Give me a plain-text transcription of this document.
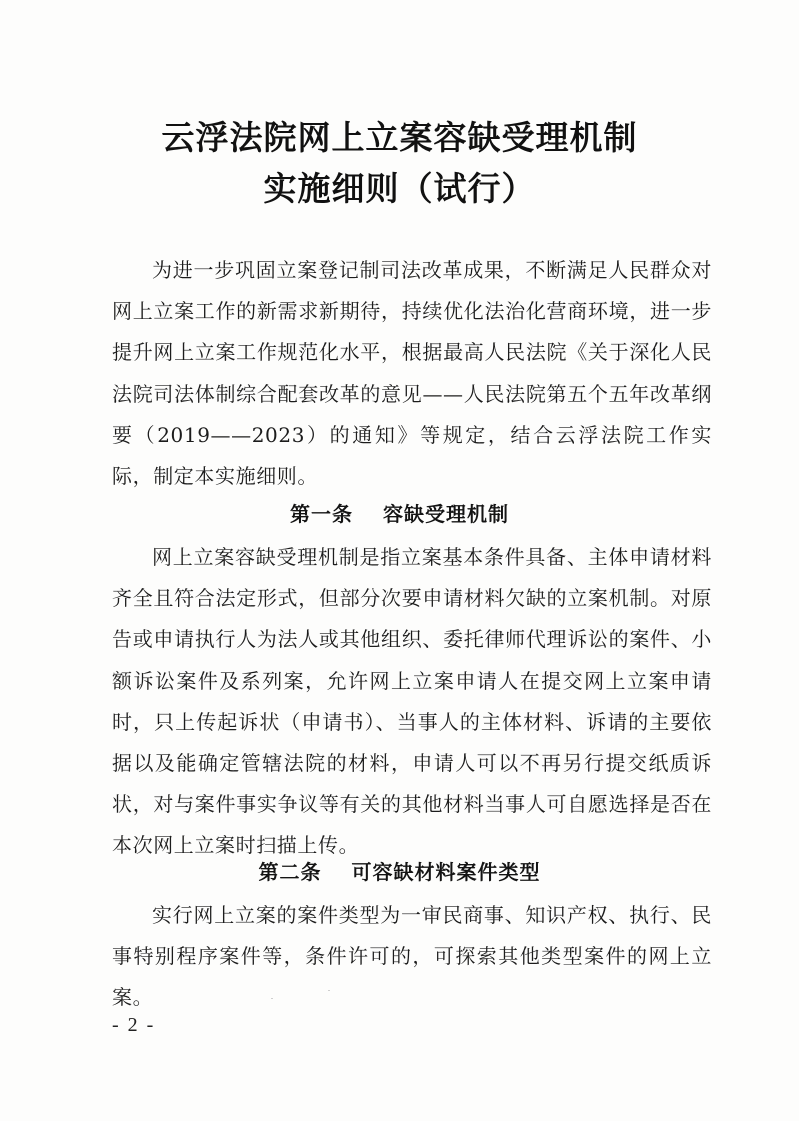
云浮法院网上立案容缺受理机制
实施细则（试行）
为进一步巩固立案登记制司法改革成果，不断满足人民群众对网上立案工作的新需求新期待，持续优化法治化营商环境，进一步提升网上立案工作规范化水平，根据最高人民法院《关于深化人民法院司法体制综合配套改革的意见——人民法院第五个五年改革纲要（2019——2023）的通知》等规定，结合云浮法院工作实际，制定本实施细则。
第一条 容缺受理机制
网上立案容缺受理机制是指立案基本条件具备、主体申请材料齐全且符合法定形式，但部分次要申请材料欠缺的立案机制。对原告或申请执行人为法人或其他组织、委托律师代理诉讼的案件、小额诉讼案件及系列案，允许网上立案申请人在提交网上立案申请时，只上传起诉状（申请书）、当事人的主体材料、诉请的主要依据以及能确定管辖法院的材料，申请人可以不再另行提交纸质诉状，对与案件事实争议等有关的其他材料当事人可自愿选择是否在本次网上立案时扫描上传。
第二条 可容缺材料案件类型
实行网上立案的案件类型为一审民商事、知识产权、执行、民事特别程序案件等，条件许可的，可探索其他类型案件的网上立案。
- 2 -
